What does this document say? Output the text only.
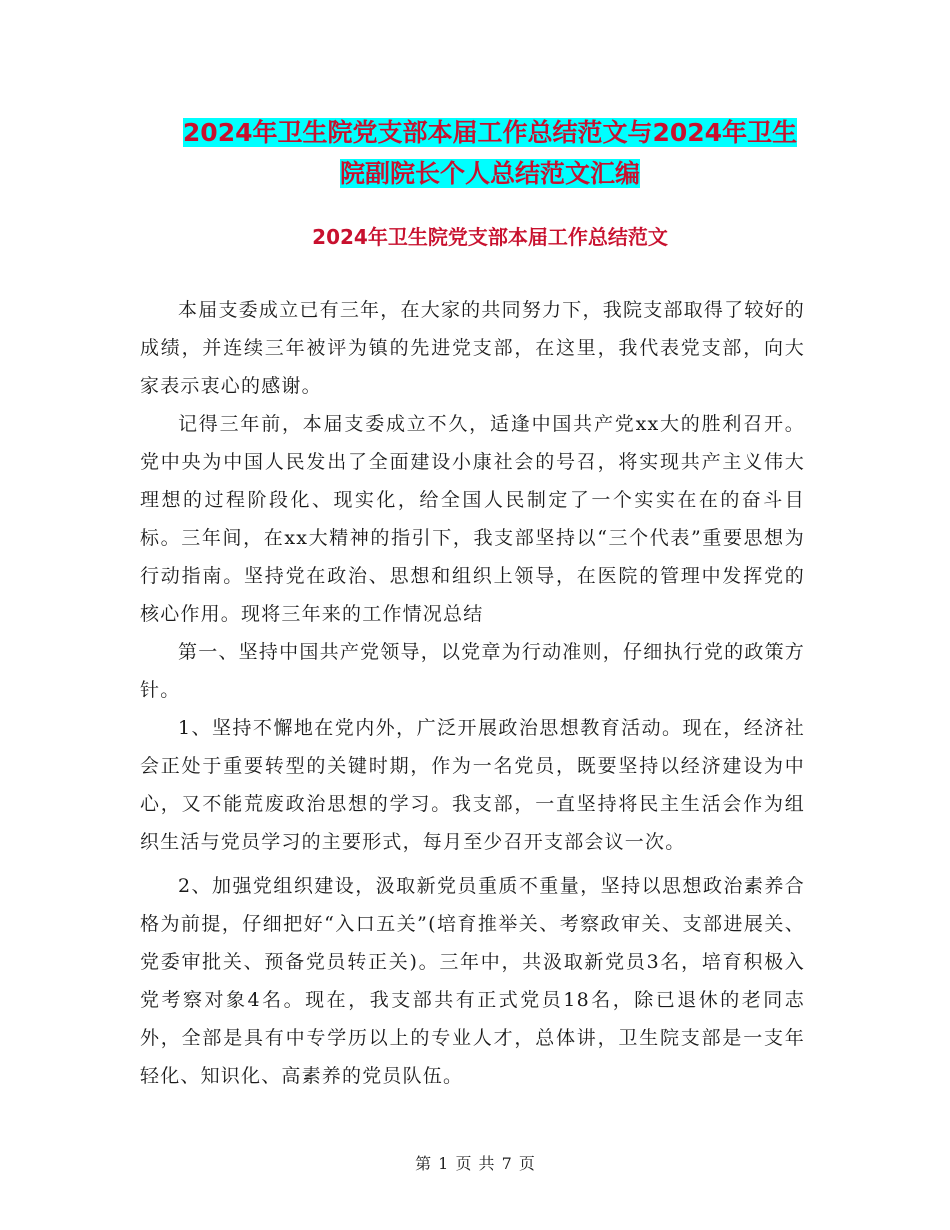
2024年卫生院党支部本届工作总结范文与2024年卫生
院副院长个人总结范文汇编
2024年卫生院党支部本届工作总结范文

本届支委成立已有三年，在大家的共同努力下，我院支部取得了较好的成绩，并连续三年被评为镇的先进党支部，在这里，我代表党支部，向大家表示衷心的感谢。

记得三年前，本届支委成立不久，适逢中国共产党xx大的胜利召开。党中央为中国人民发出了全面建设小康社会的号召，将实现共产主义伟大理想的过程阶段化、现实化，给全国人民制定了一个实实在在的奋斗目标。三年间，在xx大精神的指引下，我支部坚持以“三个代表”重要思想为行动指南。坚持党在政治、思想和组织上领导，在医院的管理中发挥党的核心作用。现将三年来的工作情况总结

第一、坚持中国共产党领导，以党章为行动准则，仔细执行党的政策方针。

1、坚持不懈地在党内外，广泛开展政治思想教育活动。现在，经济社会正处于重要转型的关键时期，作为一名党员，既要坚持以经济建设为中心，又不能荒废政治思想的学习。我支部，一直坚持将民主生活会作为组织生活与党员学习的主要形式，每月至少召开支部会议一次。

2、加强党组织建设，汲取新党员重质不重量，坚持以思想政治素养合格为前提，仔细把好“入口五关”(培育推举关、考察政审关、支部进展关、党委审批关、预备党员转正关)。三年中，共汲取新党员3名，培育积极入党考察对象4名。现在，我支部共有正式党员18名，除已退休的老同志外，全部是具有中专学历以上的专业人才，总体讲，卫生院支部是一支年轻化、知识化、高素养的党员队伍。

第 1 页 共 7 页
